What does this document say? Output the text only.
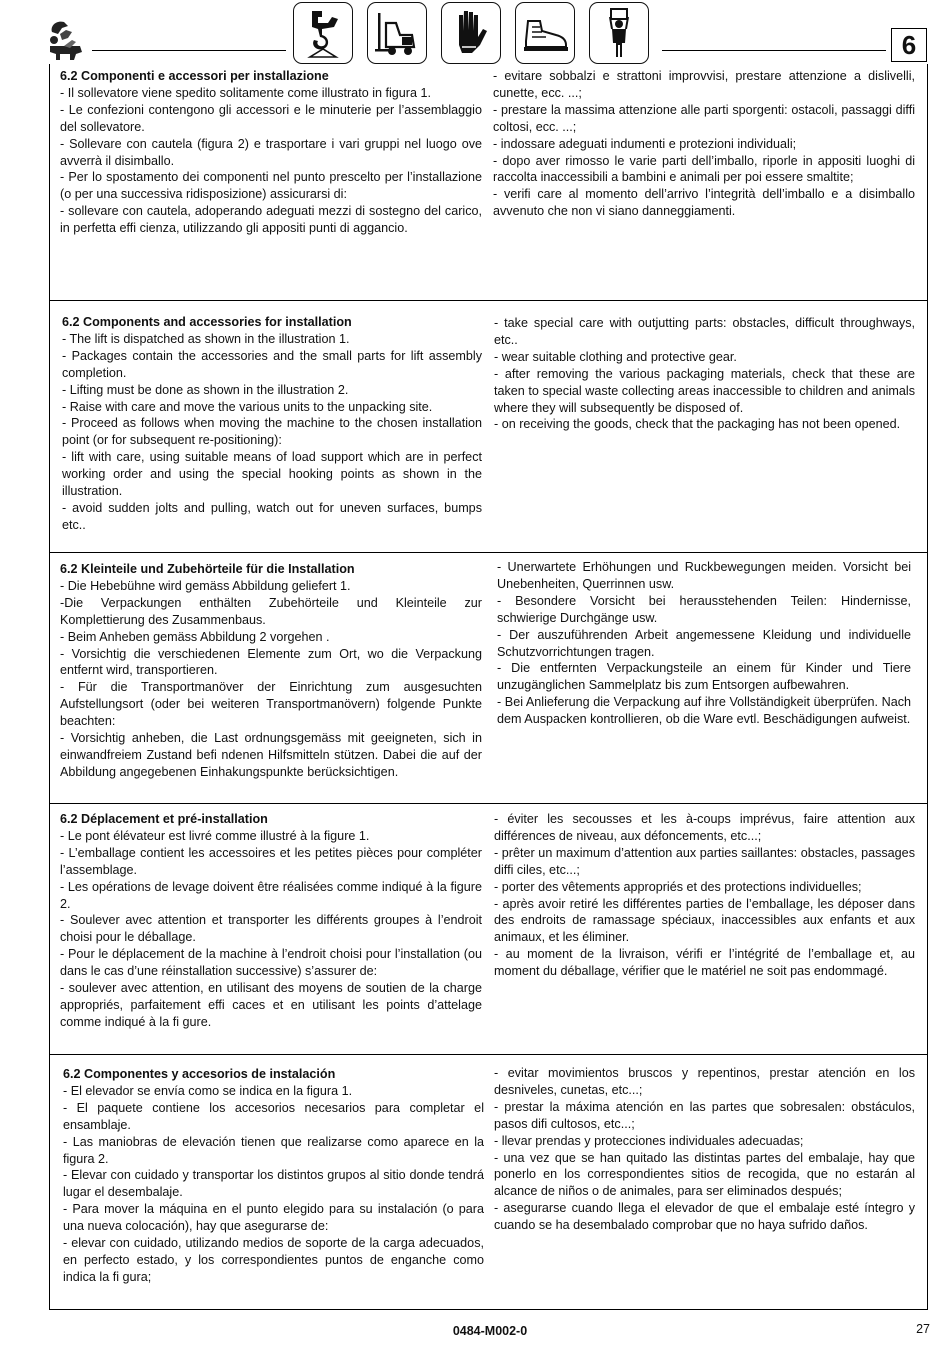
6

6.2 Componenti e accessori per installazione

- Il sollevatore viene spedito solitamente come illustrato in figura 1.

- Le confezioni contengono gli accessori e le minuterie per l’assemblaggio del sollevatore.

- Sollevare con cautela (figura 2) e trasportare i vari gruppi nel luogo ove avverrà il disimballo.

- Per lo spostamento dei componenti nel punto prescelto per l’installazione (o per una successiva ridisposizione) assicurarsi di:

- sollevare con cautela, adoperando adeguati mezzi di sostegno del carico, in perfetta effi cienza, utilizzando gli appositi punti di aggancio.

- evitare sobbalzi e strattoni improvvisi, prestare attenzione a dislivelli, cunette, ecc. ...;

- prestare la massima attenzione alle parti sporgenti: ostacoli, passaggi diffi coltosi, ecc. ...;

- indossare adeguati indumenti e protezioni individuali;

- dopo aver rimosso le varie parti dell’imballo, riporle in appositi luoghi di raccolta inaccessibili a bambini e animali per poi essere smaltite;

- verifi care al momento dell’arrivo l’integrità dell’imballo e a disimballo avvenuto che non vi siano danneggiamenti.

6.2 Components and accessories for installation

- The lift is dispatched as shown in the illustration 1.

- Packages contain the accessories and the small parts for lift assembly completion.

- Lifting must be done as shown in the illustration 2.

- Raise with care and move the various units to the unpacking site.

- Proceed as follows when moving the machine to the chosen installation point (or for subsequent re-positioning):

- lift with care, using suitable means of load support which are in perfect working order and using the special hooking points as shown in the illustration.

- avoid sudden jolts and pulling, watch out for uneven surfaces, bumps etc..

- take special care with outjutting parts: obstacles, difficult throughways, etc..

- wear suitable clothing and protective gear.

- after removing the various packaging materials, check that these are taken to special waste collecting areas inaccessible to children and animals where they will subsequently be disposed of.

- on receiving the goods, check that the packaging has not been opened.

6.2 Kleinteile und Zubehörteile für die Installation

- Die Hebebühne wird gemäss Abbildung geliefert 1.

-Die Verpackungen enthälten Zubehörteile und Kleinteile zur Komplettierung des Zusammenbaus.

- Beim Anheben gemäss Abbildung 2 vorgehen .

- Vorsichtig die verschiedenen Elemente zum Ort, wo die Verpackung entfernt wird, transportieren.

- Für die Transportmanöver der Einrichtung zum ausgesuchten Aufstellungsort (oder bei weiteren Transportmanövern) folgende Punkte beachten:

- Vorsichtig anheben, die Last ordnungsgemäss mit geeigneten, sich in einwandfreiem Zustand befi ndenen Hilfsmitteln stützen. Dabei die auf der Abbildung angegebenen Einhakungspunkte berücksichtigen.

- Unerwartete Erhöhungen und Ruckbewegungen meiden. Vorsicht bei Unebenheiten, Querrinnen usw.

- Besondere Vorsicht bei herausstehenden Teilen: Hindernisse, schwierige Durchgänge usw.

- Der auszuführenden Arbeit angemessene Kleidung und individuelle Schutzvorrichtungen tragen.

- Die entfernten Verpackungsteile an einem für Kinder und Tiere unzugänglichen Sammelplatz bis zum Entsorgen aufbewahren.

- Bei Anlieferung die Verpackung auf ihre Vollständigkeit überprüfen. Nach dem Auspacken kontrollieren, ob die Ware evtl. Beschädigungen aufweist.

6.2 Déplacement et pré-installation

- Le pont élévateur est livré comme illustré à la figure 1.

- L’emballage contient les accessoires et les petites pièces pour compléter l’assemblage.

- Les opérations de levage doivent être réalisées comme indiqué à la figure 2.

- Soulever avec attention et transporter les différents groupes à l’endroit choisi pour le déballage.

- Pour le déplacement de la machine à l’endroit choisi pour l’installation (ou dans le cas d’une réinstallation successive) s’assurer de:

- soulever avec attention, en utilisant des moyens de soutien de la charge appropriés, parfaitement effi caces et en utilisant les points d’attelage comme indiqué à la fi gure.

- éviter les secousses et les à-coups imprévus, faire attention aux différences de niveau, aux défoncements, etc...;

- prêter un maximum d’attention aux parties saillantes: obstacles, passages diffi ciles, etc...;

- porter des vêtements appropriés et des protections individuelles;

- après avoir retiré les différentes parties de l’emballage, les déposer dans des endroits de ramassage spéciaux, inaccessibles aux enfants et aux animaux, et les éliminer.

- au moment de la livraison, vérifi er l’intégrité de l’emballage et, au moment du déballage, vérifier que le matériel ne soit pas endommagé.

6.2 Componentes y accesorios de instalación

- El elevador se envía como se indica en la figura 1.

- El paquete contiene los accesorios necesarios para completar el ensamblaje.

- Las maniobras de elevación tienen que realizarse como aparece en la figura 2.

- Elevar con cuidado y transportar los distintos grupos al sitio donde tendrá lugar el desembalaje.

- Para mover la máquina en el punto elegido para su instalación (o para una nueva colocación), hay que asegurarse de:

- elevar con cuidado, utilizando medios de soporte de la carga adecuados, en perfecto estado, y los correspondientes puntos de enganche como indica la fi gura;

- evitar movimientos bruscos y repentinos, prestar atención en los desniveles, cunetas, etc...;

- prestar la máxima atención en las partes que sobresalen: obstáculos, pasos difi cultosos, etc...;

- llevar prendas y protecciones individuales adecuadas;

- una vez que se han quitado las distintas partes del embalaje, hay que ponerlo en los correspondientes sitios de recogida, que no estarán al alcance de niños o de animales, para ser eliminados después;

- asegurarse cuando llega el elevador de que el embalaje esté íntegro y cuando se ha desembalado comprobar que no haya sufrido daños.

0484-M002-0	27
